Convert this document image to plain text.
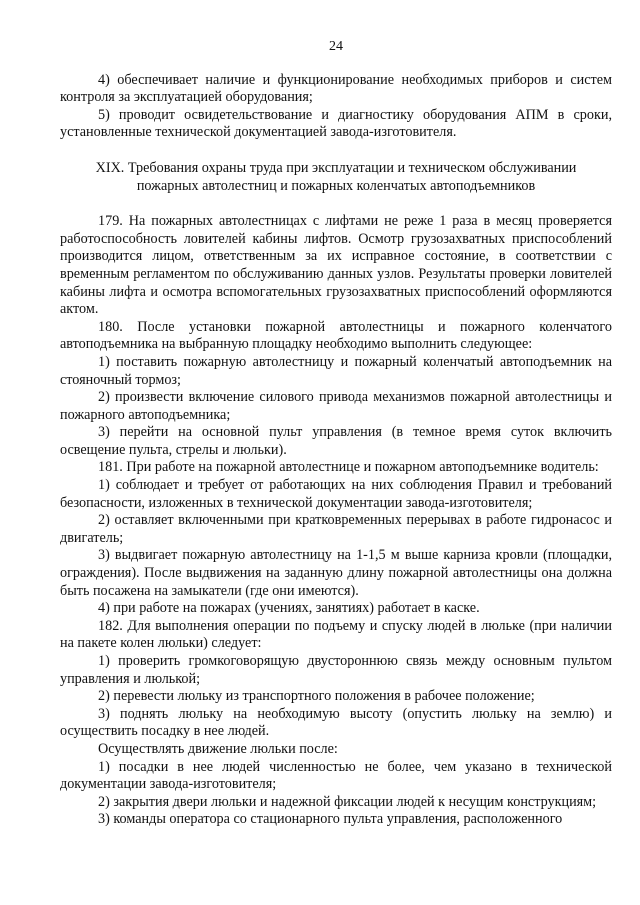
24

4) обеспечивает наличие и функционирование необходимых приборов и систем контроля за эксплуатацией оборудования;

5) проводит освидетельствование и диагностику оборудования АПМ в сроки, установленные технической документацией завода-изготовителя.

XIX. Требования охраны труда при эксплуатации и техническом обслуживании
пожарных автолестниц и пожарных коленчатых автоподъемников

179. На пожарных автолестницах с лифтами не реже 1 раза в месяц проверяется работоспособность ловителей кабины лифтов. Осмотр грузозахватных приспособлений производится лицом, ответственным за их исправное состояние, в соответствии с временным регламентом по обслуживанию данных узлов. Результаты проверки ловителей кабины лифта и осмотра вспомогательных грузозахватных приспособлений оформляются актом.

180. После установки пожарной автолестницы и пожарного коленчатого автоподъемника на выбранную площадку необходимо выполнить следующее:

1) поставить пожарную автолестницу и пожарный коленчатый автоподъемник на стояночный тормоз;

2) произвести включение силового привода механизмов пожарной автолестницы и пожарного автоподъемника;

3) перейти на основной пульт управления (в темное время суток включить освещение пульта, стрелы и люльки).

181. При работе на пожарной автолестнице и пожарном автоподъемнике водитель:

1) соблюдает и требует от работающих на них соблюдения Правил и требований безопасности, изложенных в технической документации завода-изготовителя;

2) оставляет включенными при кратковременных перерывах в работе гидронасос и двигатель;

3) выдвигает пожарную автолестницу на 1-1,5 м выше карниза кровли (площадки, ограждения). После выдвижения на заданную длину пожарной автолестницы она должна быть посажена на замыкатели (где они имеются).

4) при работе на пожарах (учениях, занятиях) работает в каске.

182. Для выполнения операции по подъему и спуску людей в люльке (при наличии на пакете колен люльки) следует:

1) проверить громкоговорящую двустороннюю связь между основным пультом управления и люлькой;

2) перевести люльку из транспортного положения в рабочее положение;

3) поднять люльку на необходимую высоту (опустить люльку на землю) и осуществить посадку в нее людей.

Осуществлять движение люльки после:

1) посадки в нее людей численностью не более, чем указано в технической документации завода-изготовителя;

2) закрытия двери люльки и надежной фиксации людей к несущим конструкциям;

3) команды оператора со стационарного пульта управления, расположенного
